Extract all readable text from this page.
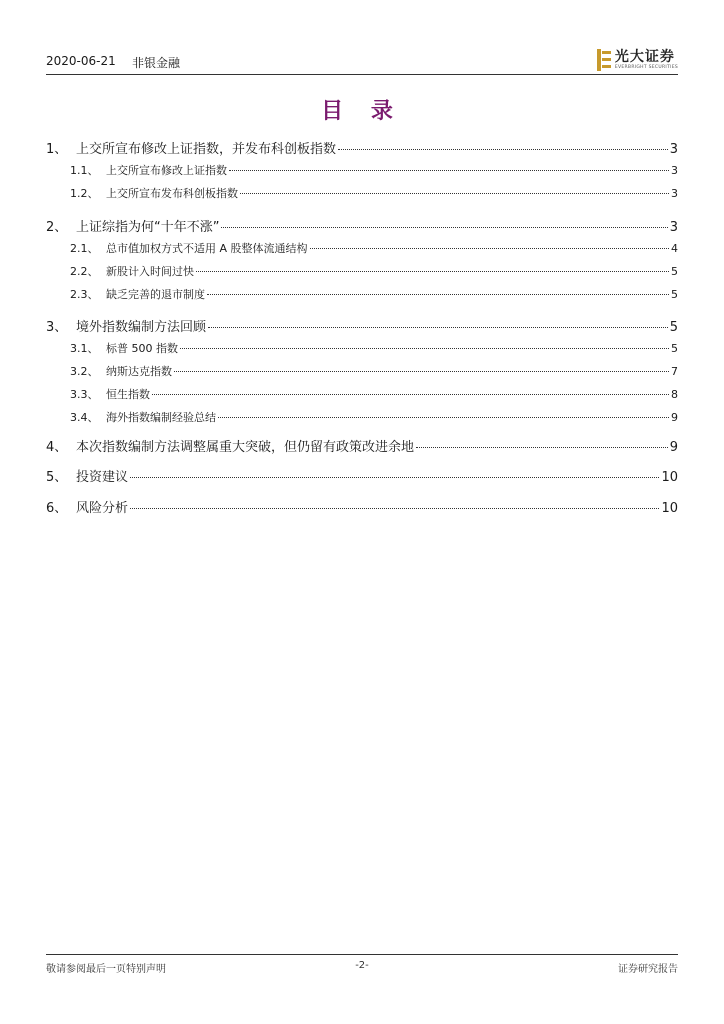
2020-06-21 非银金融	光大证券
EVERBRIGHT SECURITIES
目 录
1、 上交所宣布修改上证指数，并发布科创板指数	3
1.1、 上交所宣布修改上证指数	3
1.2、 上交所宣布发布科创板指数	3
2、 上证综指为何“十年不涨”	3
2.1、 总市值加权方式不适用 A 股整体流通结构	4
2.2、 新股计入时间过快	5
2.3、 缺乏完善的退市制度	5
3、 境外指数编制方法回顾	5
3.1、 标普 500 指数	5
3.2、 纳斯达克指数	7
3.3、 恒生指数	8
3.4、 海外指数编制经验总结	9
4、 本次指数编制方法调整属重大突破，但仍留有政策改进余地	9
5、 投资建议	10
6、 风险分析	10
敬请参阅最后一页特别声明	-2-	证券研究报告
